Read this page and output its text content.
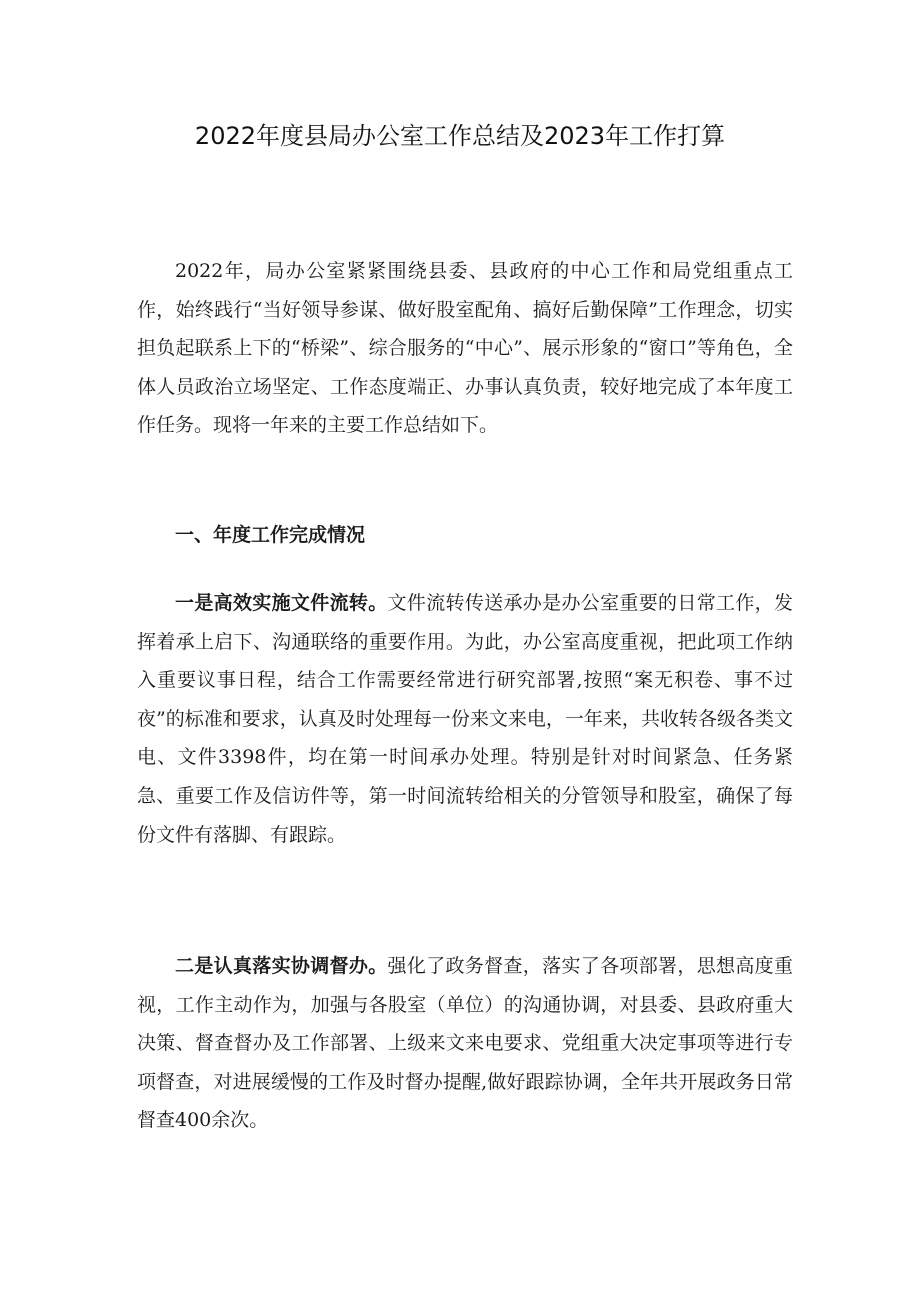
2022年度县局办公室工作总结及2023年工作打算

2022年，局办公室紧紧围绕县委、县政府的中心工作和局党组重点工作，始终践行“当好领导参谋、做好股室配角、搞好后勤保障”工作理念，切实担负起联系上下的“桥梁”、综合服务的“中心”、展示形象的“窗口”等角色，全体人员政治立场坚定、工作态度端正、办事认真负责，较好地完成了本年度工作任务。现将一年来的主要工作总结如下。

一、年度工作完成情况

一是高效实施文件流转。文件流转传送承办是办公室重要的日常工作，发挥着承上启下、沟通联络的重要作用。为此，办公室高度重视，把此项工作纳入重要议事日程，结合工作需要经常进行研究部署,按照“案无积卷、事不过夜”的标准和要求，认真及时处理每一份来文来电，一年来，共收转各级各类文电、文件3398件，均在第一时间承办处理。特别是针对时间紧急、任务紧急、重要工作及信访件等，第一时间流转给相关的分管领导和股室，确保了每份文件有落脚、有跟踪。

二是认真落实协调督办。强化了政务督查，落实了各项部署，思想高度重视，工作主动作为，加强与各股室（单位）的沟通协调，对县委、县政府重大决策、督查督办及工作部署、上级来文来电要求、党组重大决定事项等进行专项督查，对进展缓慢的工作及时督办提醒,做好跟踪协调，全年共开展政务日常督查400余次。
